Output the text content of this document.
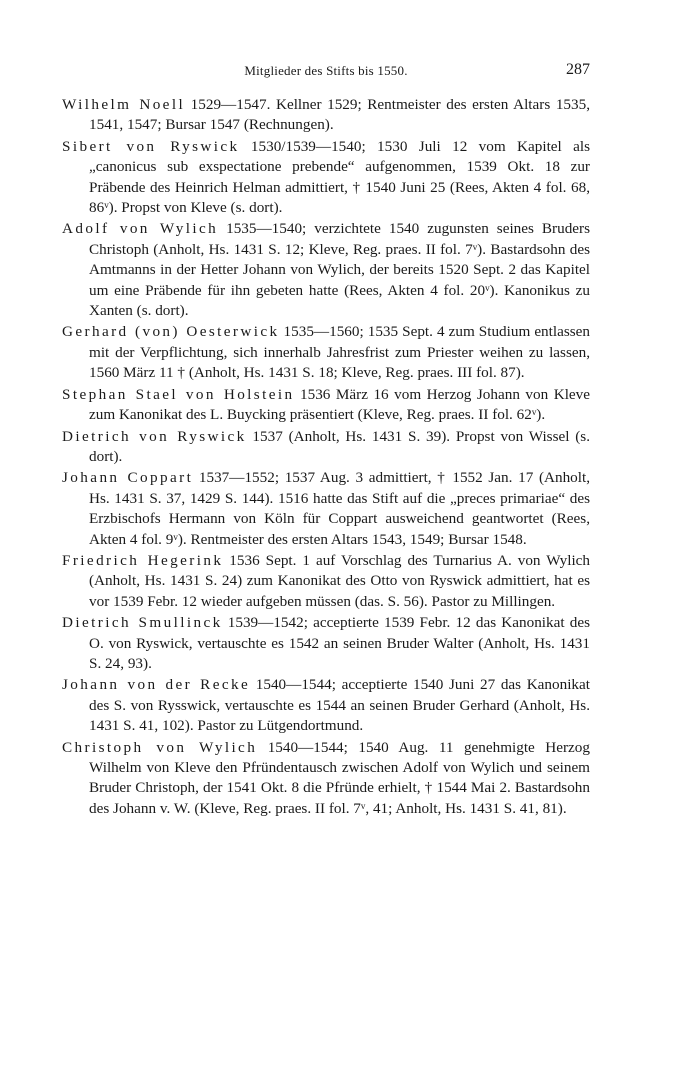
Mitglieder des Stifts bis 1550.	287

Wilhelm Noell 1529—1547. Kellner 1529; Rentmeister des ersten Altars 1535, 1541, 1547; Bursar 1547 (Rechnungen).

Sibert von Ryswick 1530/1539—1540; 1530 Juli 12 vom Kapitel als „canonicus sub exspectatione prebende“ aufgenommen, 1539 Okt. 18 zur Präbende des Heinrich Helman admittiert, † 1540 Juni 25 (Rees, Akten 4 fol. 68, 86ᵛ). Propst von Kleve (s. dort).

Adolf von Wylich 1535—1540; verzichtete 1540 zugunsten seines Bruders Christoph (Anholt, Hs. 1431 S. 12; Kleve, Reg. praes. II fol. 7ᵛ). Bastardsohn des Amtmanns in der Hetter Johann von Wylich, der bereits 1520 Sept. 2 das Kapitel um eine Präbende für ihn gebeten hatte (Rees, Akten 4 fol. 20ᵛ). Kanonikus zu Xanten (s. dort).

Gerhard (von) Oesterwick 1535—1560; 1535 Sept. 4 zum Studium entlassen mit der Verpflichtung, sich innerhalb Jahresfrist zum Priester weihen zu lassen, 1560 März 11 † (Anholt, Hs. 1431 S. 18; Kleve, Reg. praes. III fol. 87).

Stephan Stael von Holstein 1536 März 16 vom Herzog Johann von Kleve zum Kanonikat des L. Buycking präsentiert (Kleve, Reg. praes. II fol. 62ᵛ).

Dietrich von Ryswick 1537 (Anholt, Hs. 1431 S. 39). Propst von Wissel (s. dort).

Johann Coppart 1537—1552; 1537 Aug. 3 admittiert, † 1552 Jan. 17 (Anholt, Hs. 1431 S. 37, 1429 S. 144). 1516 hatte das Stift auf die „preces primariae“ des Erzbischofs Hermann von Köln für Coppart ausweichend geantwortet (Rees, Akten 4 fol. 9ᵛ). Rentmeister des ersten Altars 1543, 1549; Bursar 1548.

Friedrich Hegerink 1536 Sept. 1 auf Vorschlag des Turnarius A. von Wylich (Anholt, Hs. 1431 S. 24) zum Kanonikat des Otto von Ryswick admittiert, hat es vor 1539 Febr. 12 wieder aufgeben müssen (das. S. 56). Pastor zu Millingen.

Dietrich Smullinck 1539—1542; acceptierte 1539 Febr. 12 das Kanonikat des O. von Ryswick, vertauschte es 1542 an seinen Bruder Walter (Anholt, Hs. 1431 S. 24, 93).

Johann von der Recke 1540—1544; acceptierte 1540 Juni 27 das Kanonikat des S. von Rysswick, vertauschte es 1544 an seinen Bruder Gerhard (Anholt, Hs. 1431 S. 41, 102). Pastor zu Lütgendortmund.

Christoph von Wylich 1540—1544; 1540 Aug. 11 genehmigte Herzog Wilhelm von Kleve den Pfründentausch zwischen Adolf von Wylich und seinem Bruder Christoph, der 1541 Okt. 8 die Pfründe erhielt, † 1544 Mai 2. Bastardsohn des Johann v. W. (Kleve, Reg. praes. II fol. 7ᵛ, 41; Anholt, Hs. 1431 S. 41, 81).
